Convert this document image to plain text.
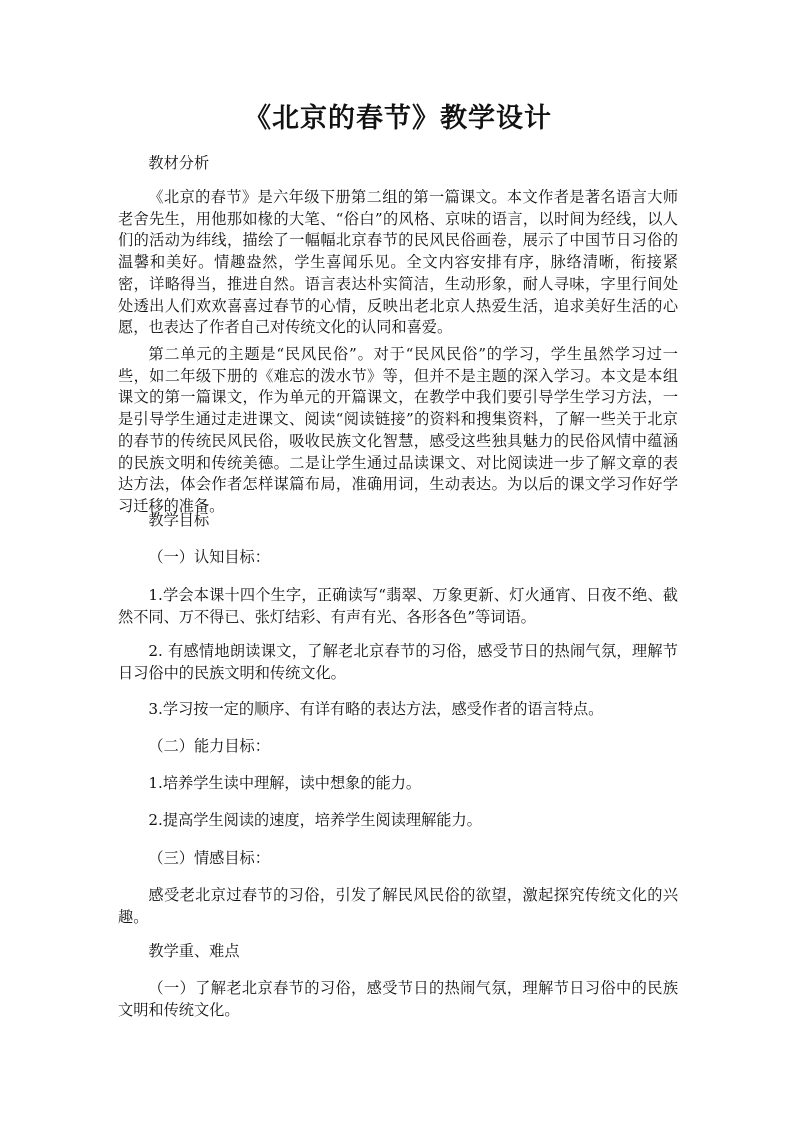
《北京的春节》教学设计

教材分析

《北京的春节》是六年级下册第二组的第一篇课文。本文作者是著名语言大师老舍先生，用他那如椽的大笔、“俗白”的风格、京味的语言，以时间为经线，以人们的活动为纬线，描绘了一幅幅北京春节的民风民俗画卷，展示了中国节日习俗的温馨和美好。情趣盎然，学生喜闻乐见。全文内容安排有序，脉络清晰，衔接紧密，详略得当，推进自然。语言表达朴实简洁，生动形象，耐人寻味，字里行间处处透出人们欢欢喜喜过春节的心情，反映出老北京人热爱生活，追求美好生活的心愿，也表达了作者自己对传统文化的认同和喜爱。

第二单元的主题是“民风民俗”。对于“民风民俗”的学习，学生虽然学习过一些，如二年级下册的《难忘的泼水节》等，但并不是主题的深入学习。本文是本组课文的第一篇课文，作为单元的开篇课文，在教学中我们要引导学生学习方法，一是引导学生通过走进课文、阅读“阅读链接”的资料和搜集资料，了解一些关于北京的春节的传统民风民俗，吸收民族文化智慧，感受这些独具魅力的民俗风情中蕴涵的民族文明和传统美德。二是让学生通过品读课文、对比阅读进一步了解文章的表达方法，体会作者怎样谋篇布局，准确用词，生动表达。为以后的课文学习作好学习迁移的准备。

教学目标

（一）认知目标：

1.学会本课十四个生字，正确读写“翡翠、万象更新、灯火通宵、日夜不绝、截然不同、万不得已、张灯结彩、有声有光、各形各色”等词语。

2. 有感情地朗读课文，了解老北京春节的习俗，感受节日的热闹气氛，理解节日习俗中的民族文明和传统文化。

3.学习按一定的顺序、有详有略的表达方法，感受作者的语言特点。

（二）能力目标：

1.培养学生读中理解，读中想象的能力。

2.提高学生阅读的速度，培养学生阅读理解能力。

（三）情感目标：

感受老北京过春节的习俗，引发了解民风民俗的欲望，激起探究传统文化的兴趣。

教学重、难点

（一）了解老北京春节的习俗，感受节日的热闹气氛，理解节日习俗中的民族文明和传统文化。
